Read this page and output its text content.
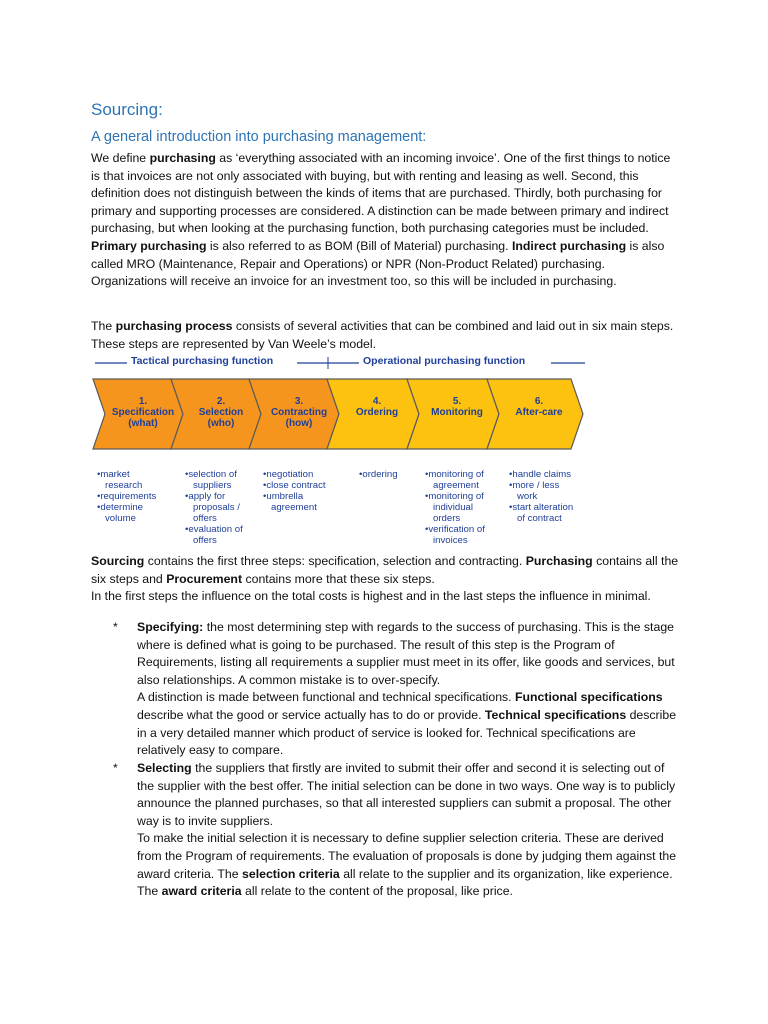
Sourcing:
A general introduction into purchasing management:
We define purchasing as ‘everything associated with an incoming invoice’. One of the first things to notice is that invoices are not only associated with buying, but with renting and leasing as well. Second, this definition does not distinguish between the kinds of items that are purchased. Thirdly, both purchasing for primary and supporting processes are considered. A distinction can be made between primary and indirect purchasing, but when looking at the purchasing function, both purchasing categories must be included. Primary purchasing is also referred to as BOM (Bill of Material) purchasing. Indirect purchasing is also called MRO (Maintenance, Repair and Operations) or NPR (Non-Product Related) purchasing. Organizations will receive an invoice for an investment too, so this will be included in purchasing.
The purchasing process consists of several activities that can be combined and laid out in six main steps. These steps are represented by Van Weele’s model.
Sourcing contains the first three steps: specification, selection and contracting. Purchasing contains all the six steps and Procurement contains more that these six steps.
In the first steps the influence on the total costs is highest and in the last steps the influence in minimal.
* Specifying: the most determining step with regards to the success of purchasing. This is the stage where is defined what is going to be purchased. The result of this step is the Program of Requirements, listing all requirements a supplier must meet in its offer, like goods and services, but also relationships. A common mistake is to over-specify.
A distinction is made between functional and technical specifications. Functional specifications describe what the good or service actually has to do or provide. Technical specifications describe in a very detailed manner which product of service is looked for. Technical specifications are relatively easy to compare.
* Selecting the suppliers that firstly are invited to submit their offer and second it is selecting out of the supplier with the best offer. The initial selection can be done in two ways. One way is to publicly announce the planned purchases, so that all interested suppliers can submit a proposal. The other way is to invite suppliers.
To make the initial selection it is necessary to define supplier selection criteria. These are derived from the Program of requirements. The evaluation of proposals is done by judging them against the award criteria. The selection criteria all relate to the supplier and its organization, like experience. The award criteria all relate to the content of the proposal, like price.
Tactical purchasing function	Operational purchasing function
1.
Specification
(what)
2.
Selection
(who)
3.
Contracting
(how)
4.
Ordering
5.
Monitoring
6.
After-care
•market
research
•requirements
•determine
volume
•selection of
suppliers
•apply for
proposals /
offers
•evaluation of
offers
•negotiation
•close contract
•umbrella
agreement
•ordering	•monitoring of
agreement
•monitoring of
individual
orders
•verification of
invoices
•handle claims
•more / less
work
•start alteration
of contract
